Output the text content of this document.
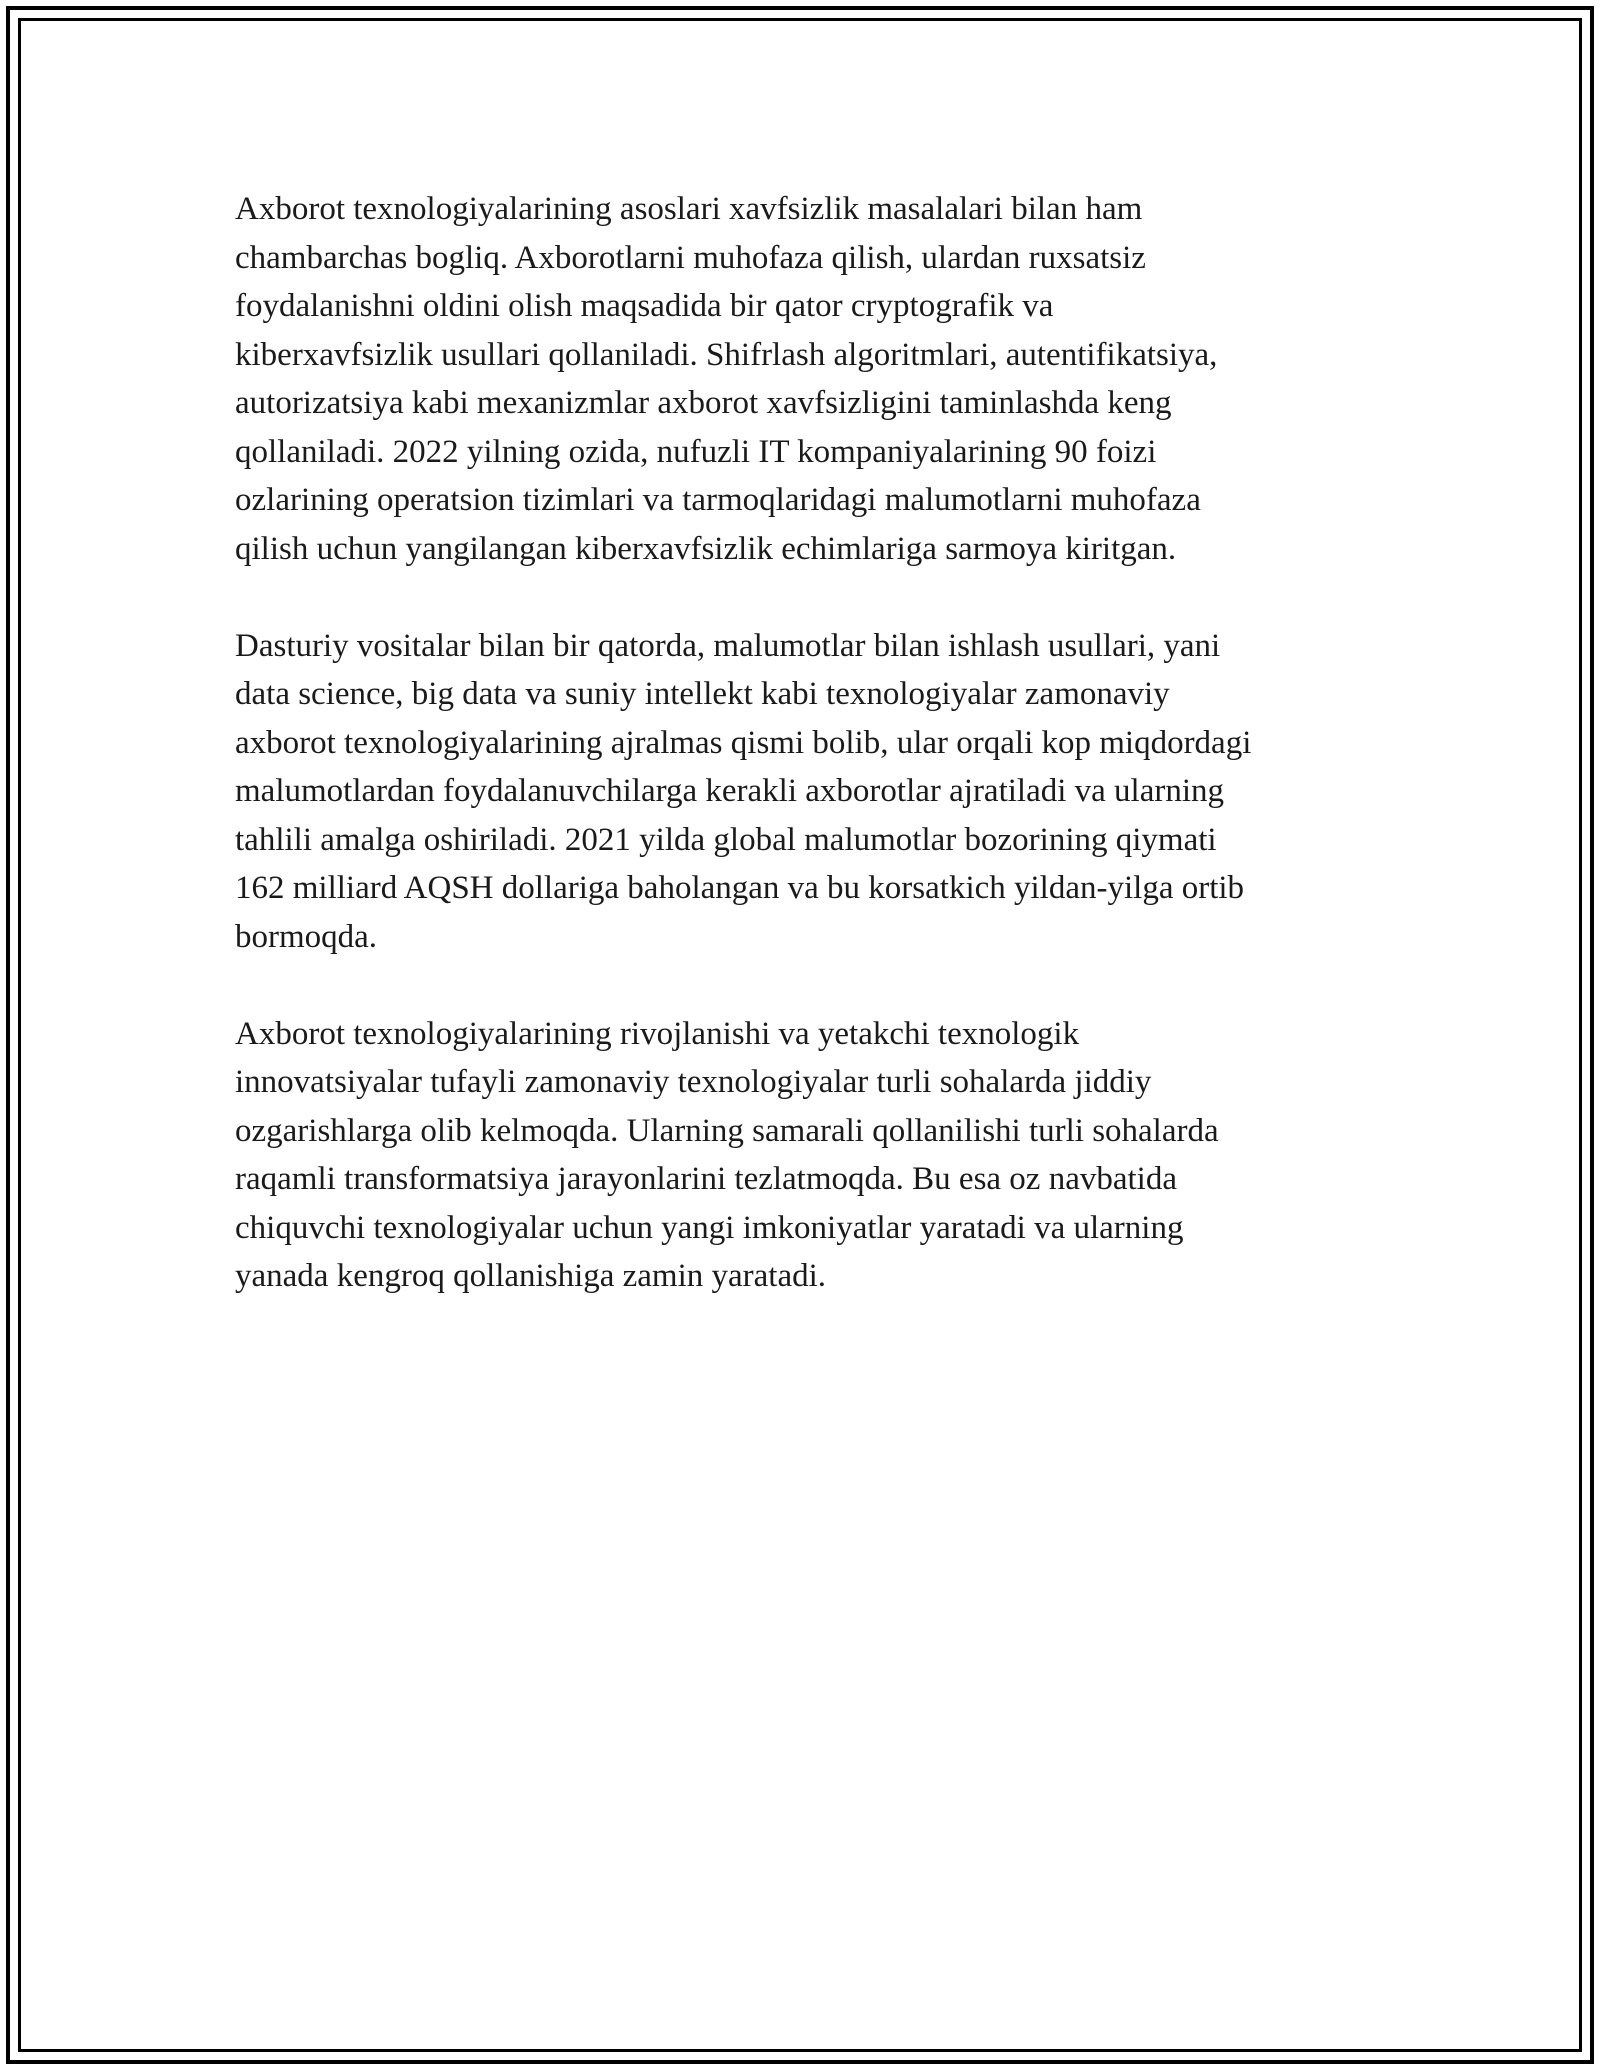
Axborot texnologiyalarining asoslari xavfsizlik masalalari bilan ham
chambarchas bogliq. Axborotlarni muhofaza qilish, ulardan ruxsatsiz
foydalanishni oldini olish maqsadida bir qator cryptografik va
kiberxavfsizlik usullari qollaniladi. Shifrlash algoritmlari, autentifikatsiya,
autorizatsiya kabi mexanizmlar axborot xavfsizligini taminlashda keng
qollaniladi. 2022 yilning ozida, nufuzli IT kompaniyalarining 90 foizi
ozlarining operatsion tizimlari va tarmoqlaridagi malumotlarni muhofaza
qilish uchun yangilangan kiberxavfsizlik echimlariga sarmoya kiritgan.

Dasturiy vositalar bilan bir qatorda, malumotlar bilan ishlash usullari, yani
data science, big data va suniy intellekt kabi texnologiyalar zamonaviy
axborot texnologiyalarining ajralmas qismi bolib, ular orqali kop miqdordagi
malumotlardan foydalanuvchilarga kerakli axborotlar ajratiladi va ularning
tahlili amalga oshiriladi. 2021 yilda global malumotlar bozorining qiymati
162 milliard AQSH dollariga baholangan va bu korsatkich yildan-yilga ortib
bormoqda.

Axborot texnologiyalarining rivojlanishi va yetakchi texnologik
innovatsiyalar tufayli zamonaviy texnologiyalar turli sohalarda jiddiy
ozgarishlarga olib kelmoqda. Ularning samarali qollanilishi turli sohalarda
raqamli transformatsiya jarayonlarini tezlatmoqda. Bu esa oz navbatida
chiquvchi texnologiyalar uchun yangi imkoniyatlar yaratadi va ularning
yanada kengroq qollanishiga zamin yaratadi.
